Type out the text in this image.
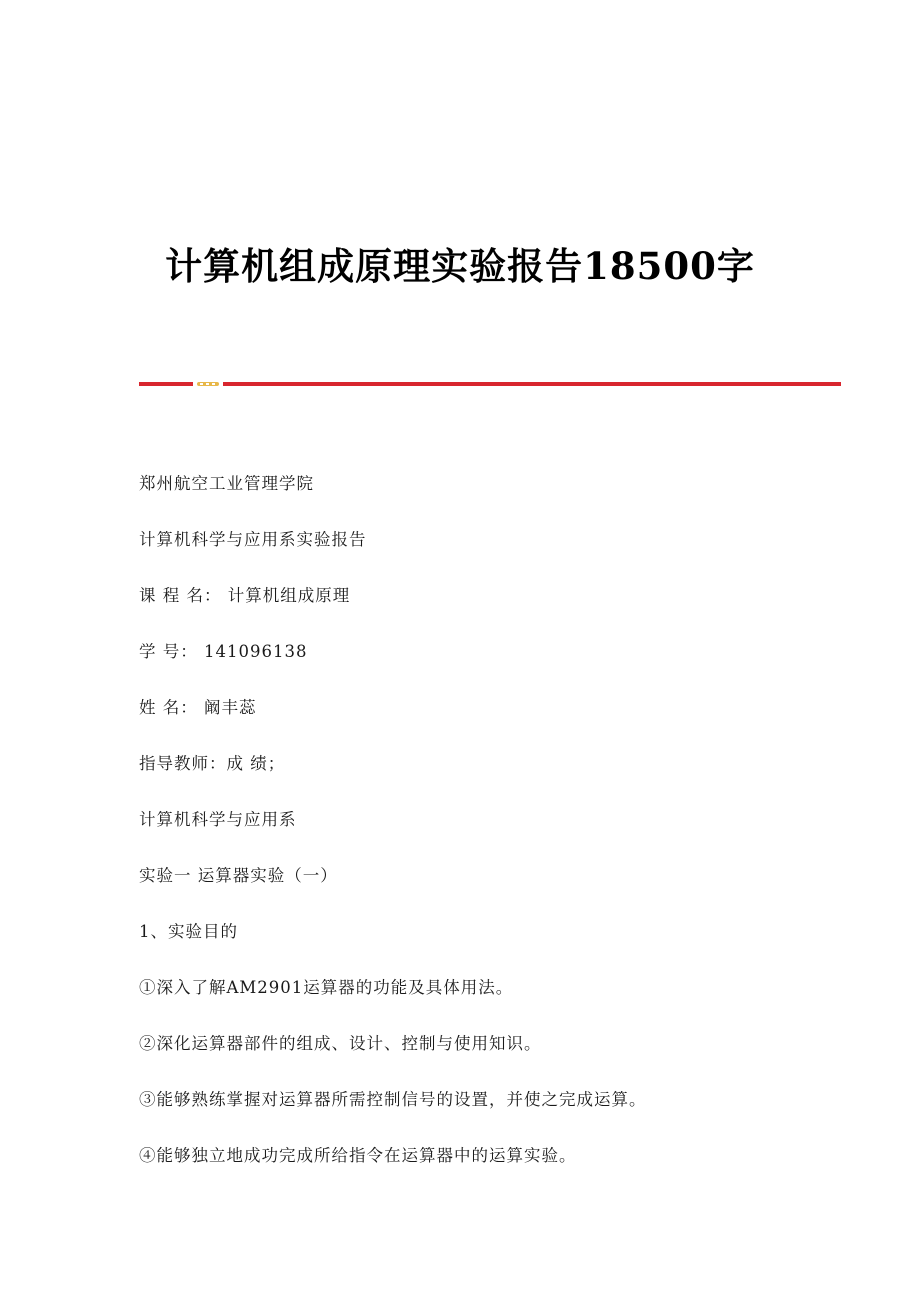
计算机组成原理实验报告18500字
郑州航空工业管理学院
计算机科学与应用系实验报告
课 程 名： 计算机组成原理
学 号： 141096138
姓 名： 阚丰蕊
指导教师：成 绩；
计算机科学与应用系
实验一 运算器实验（一）
1、实验目的
①深入了解AM2901运算器的功能及具体用法。
②深化运算器部件的组成、设计、控制与使用知识。
③能够熟练掌握对运算器所需控制信号的设置，并使之完成运算。
④能够独立地成功完成所给指令在运算器中的运算实验。
